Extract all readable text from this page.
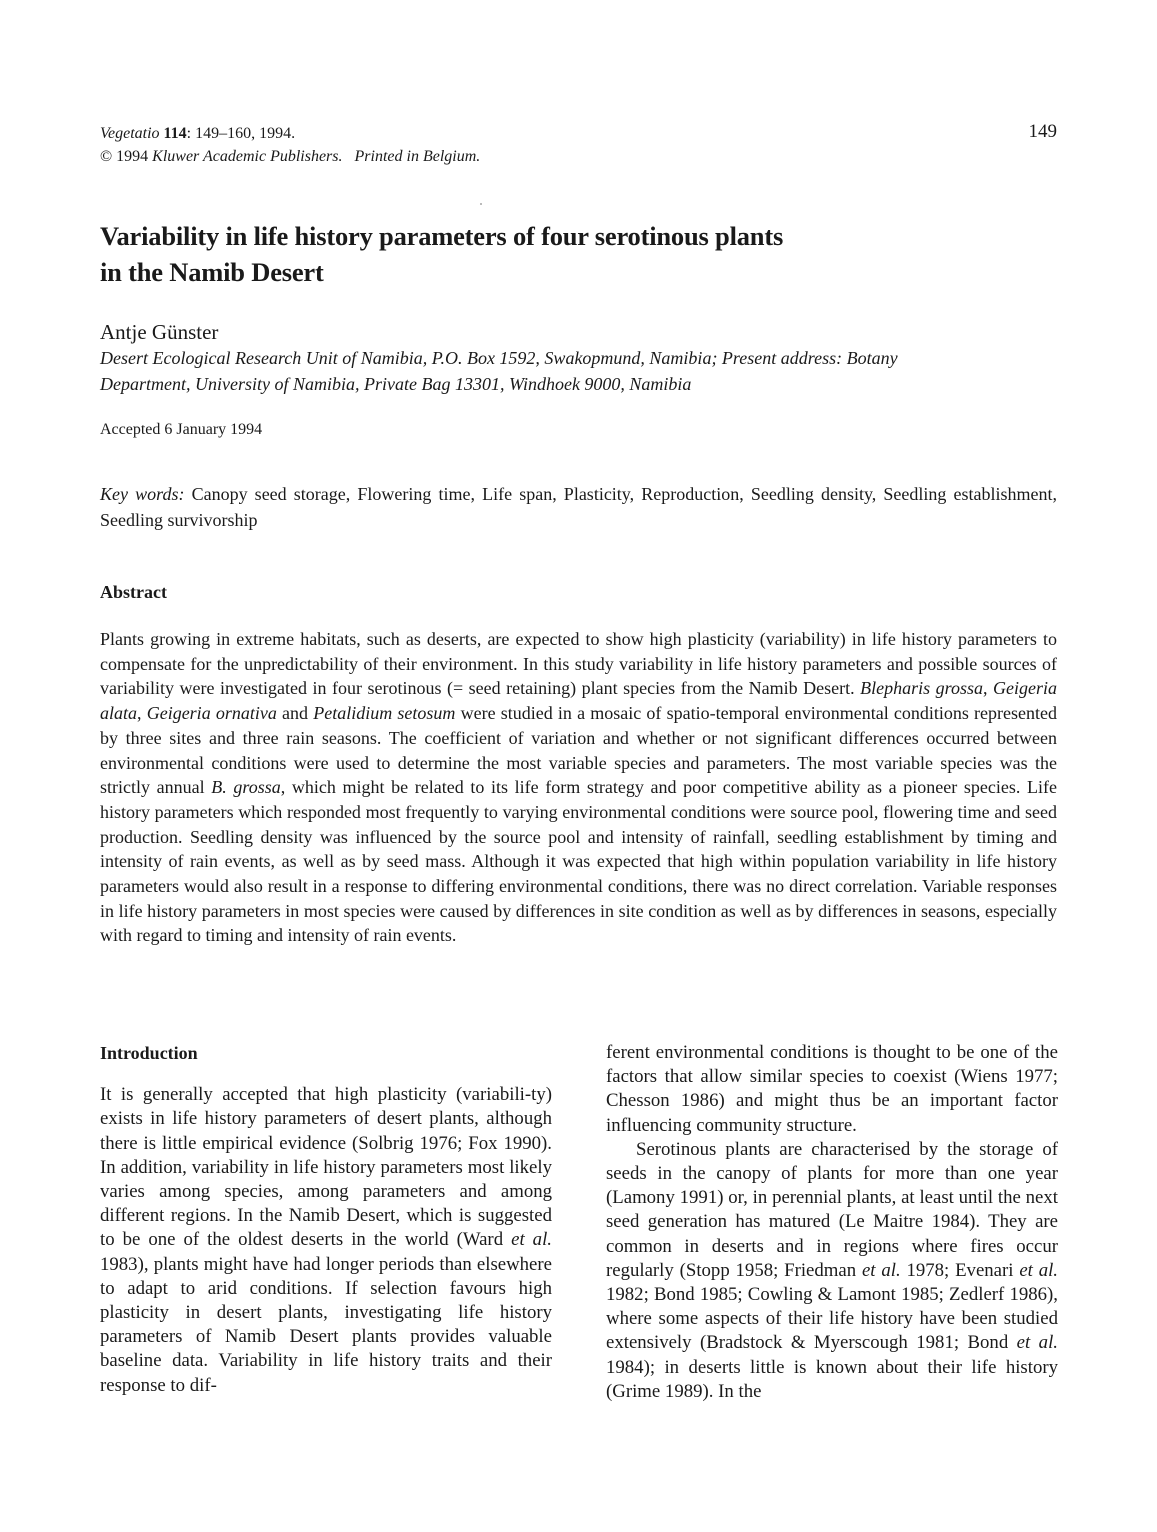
Vegetatio 114: 149–160, 1994.
© 1994 Kluwer Academic Publishers. Printed in Belgium.
149
Variability in life history parameters of four serotinous plants
in the Namib Desert
Antje Günster
Desert Ecological Research Unit of Namibia, P.O. Box 1592, Swakopmund, Namibia; Present address: Botany
Department, University of Namibia, Private Bag 13301, Windhoek 9000, Namibia
Accepted 6 January 1994
Key words: Canopy seed storage, Flowering time, Life span, Plasticity, Reproduction, Seedling density, Seedling establishment, Seedling survivorship
Abstract
Plants growing in extreme habitats, such as deserts, are expected to show high plasticity (variability) in life history parameters to compensate for the unpredictability of their environment. In this study variability in life history parameters and possible sources of variability were investigated in four serotinous (= seed retaining) plant species from the Namib Desert. Blepharis grossa, Geigeria alata, Geigeria ornativa and Petalidium setosum were studied in a mosaic of spatio-temporal environmental conditions represented by three sites and three rain seasons. The coefficient of variation and whether or not significant differences occurred between environmental conditions were used to determine the most variable species and parameters. The most variable species was the strictly annual B. grossa, which might be related to its life form strategy and poor competitive ability as a pioneer species. Life history parameters which responded most frequently to varying environmental conditions were source pool, flowering time and seed production. Seedling density was influenced by the source pool and intensity of rainfall, seedling establishment by timing and intensity of rain events, as well as by seed mass. Although it was expected that high within population variability in life history parameters would also result in a response to differing environmental conditions, there was no direct correlation. Variable responses in life history parameters in most species were caused by differences in site condition as well as by differences in seasons, especially with regard to timing and intensity of rain events.
Introduction

It is generally accepted that high plasticity (variabili-ty) exists in life history parameters of desert plants, although there is little empirical evidence (Solbrig 1976; Fox 1990). In addition, variability in life history parameters most likely varies among species, among parameters and among different regions. In the Namib Desert, which is suggested to be one of the oldest deserts in the world (Ward et al. 1983), plants might have had longer periods than elsewhere to adapt to arid conditions. If selection favours high plasticity in desert plants, investigating life history parameters of Namib Desert plants provides valuable baseline data. Variability in life history traits and their response to dif-

ferent environmental conditions is thought to be one of the factors that allow similar species to coexist (Wiens 1977; Chesson 1986) and might thus be an important factor influencing community structure.

Serotinous plants are characterised by the storage of seeds in the canopy of plants for more than one year (Lamony 1991) or, in perennial plants, at least until the next seed generation has matured (Le Maitre 1984). They are common in deserts and in regions where fires occur regularly (Stopp 1958; Friedman et al. 1978; Evenari et al. 1982; Bond 1985; Cowling & Lamont 1985; Zedlerf 1986), where some aspects of their life history have been studied extensively (Bradstock & Myerscough 1981; Bond et al. 1984); in deserts little is known about their life history (Grime 1989). In the
